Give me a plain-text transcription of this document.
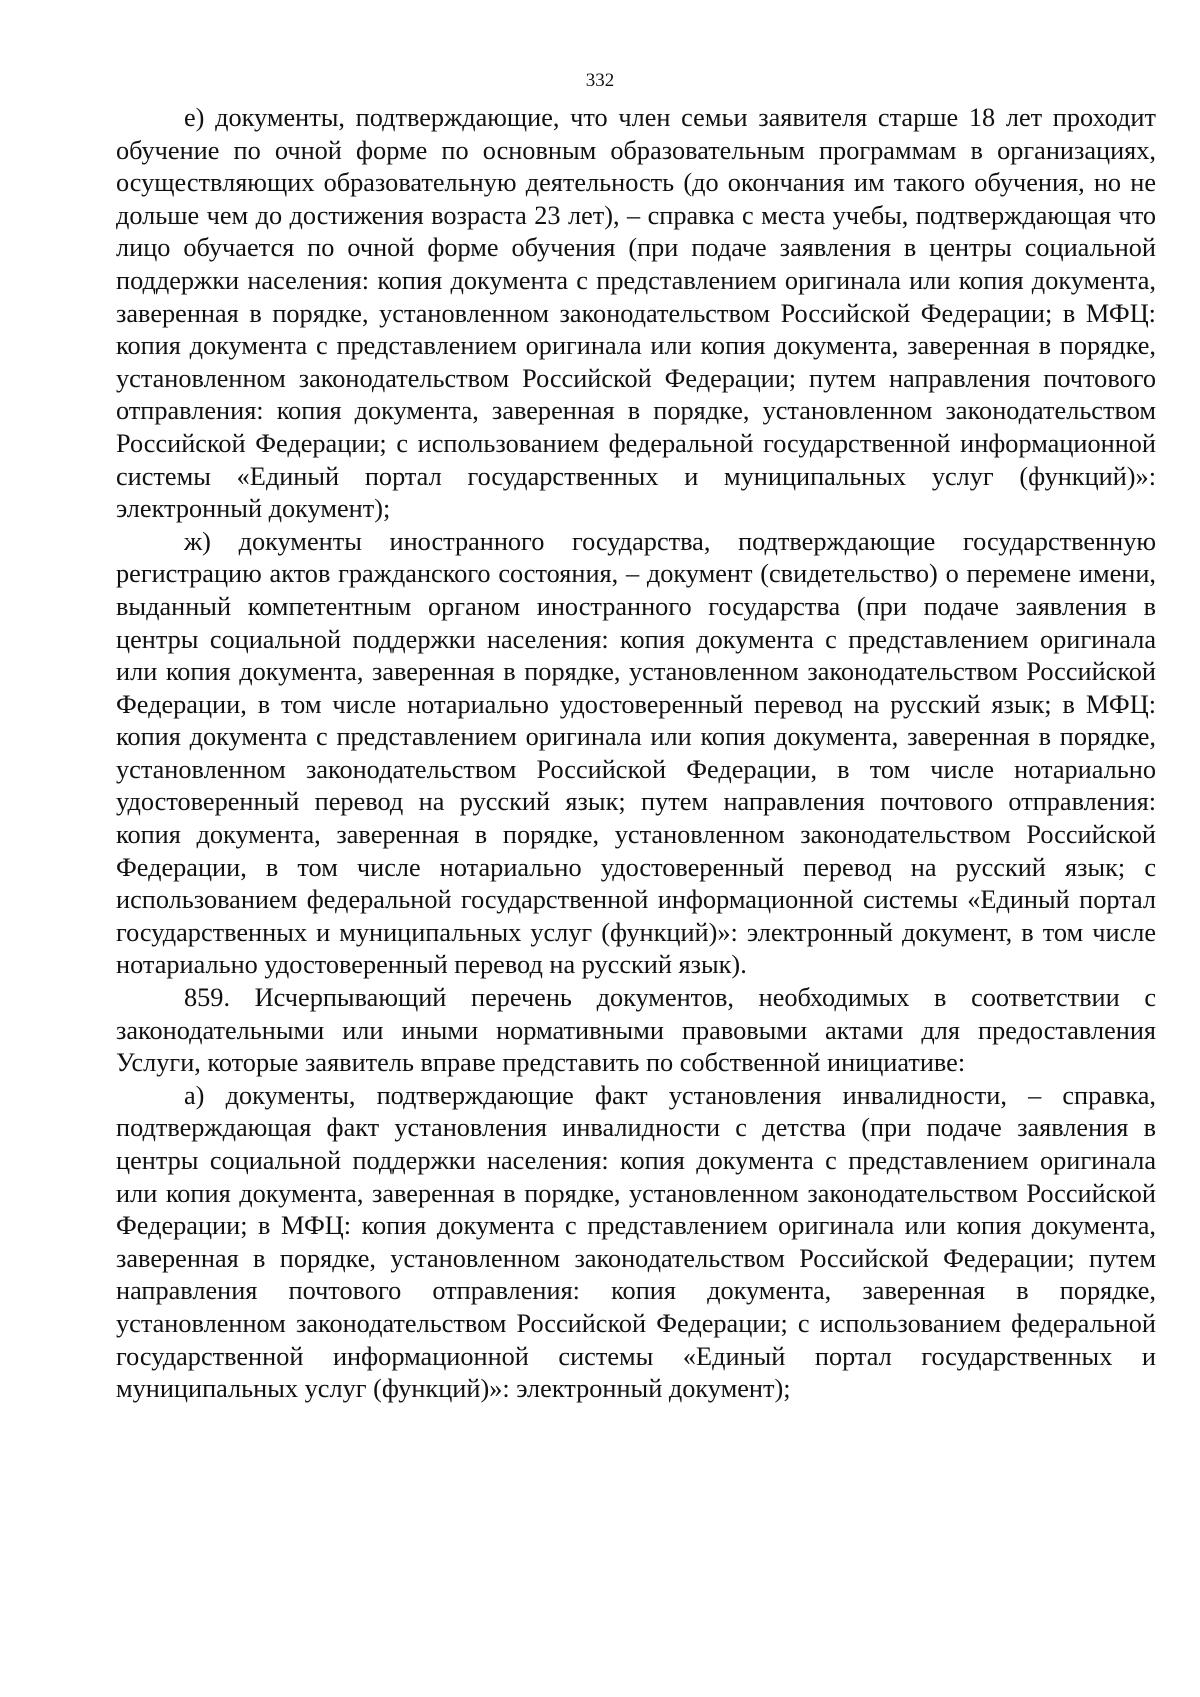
332

е) документы, подтверждающие, что член семьи заявителя старше 18 лет проходит обучение по очной форме по основным образовательным программам в организациях, осуществляющих образовательную деятельность (до окончания им такого обучения, но не дольше чем до достижения возраста 23 лет), – справка с места учебы, подтверждающая что лицо обучается по очной форме обучения (при подаче заявления в центры социальной поддержки населения: копия документа с представлением оригинала или копия документа, заверенная в порядке, установленном законодательством Российской Федерации; в МФЦ: копия документа с представлением оригинала или копия документа, заверенная в порядке, установленном законодательством Российской Федерации; путем направления почтового отправления: копия документа, заверенная в порядке, установленном законодательством Российской Федерации; с использованием федеральной государственной информационной системы «Единый портал государственных и муниципальных услуг (функций)»: электронный документ);

ж) документы иностранного государства, подтверждающие государственную регистрацию актов гражданского состояния, – документ (свидетельство) о перемене имени, выданный компетентным органом иностранного государства (при подаче заявления в центры социальной поддержки населения: копия документа с представлением оригинала или копия документа, заверенная в порядке, установленном законодательством Российской Федерации, в том числе нотариально удостоверенный перевод на русский язык; в МФЦ: копия документа с представлением оригинала или копия документа, заверенная в порядке, установленном законодательством Российской Федерации, в том числе нотариально удостоверенный перевод на русский язык; путем направления почтового отправления: копия документа, заверенная в порядке, установленном законодательством Российской Федерации, в том числе нотариально удостоверенный перевод на русский язык; с использованием федеральной государственной информационной системы «Единый портал государственных и муниципальных услуг (функций)»: электронный документ, в том числе нотариально удостоверенный перевод на русский язык).

859. Исчерпывающий перечень документов, необходимых в соответствии с законодательными или иными нормативными правовыми актами для предоставления Услуги, которые заявитель вправе представить по собственной инициативе:

а) документы, подтверждающие факт установления инвалидности, – справка, подтверждающая факт установления инвалидности с детства (при подаче заявления в центры социальной поддержки населения: копия документа с представлением оригинала или копия документа, заверенная в порядке, установленном законодательством Российской Федерации; в МФЦ: копия документа с представлением оригинала или копия документа, заверенная в порядке, установленном законодательством Российской Федерации; путем направления почтового отправления: копия документа, заверенная в порядке, установленном законодательством Российской Федерации; с использованием федеральной государственной информационной системы «Единый портал государственных и муниципальных услуг (функций)»: электронный документ);
